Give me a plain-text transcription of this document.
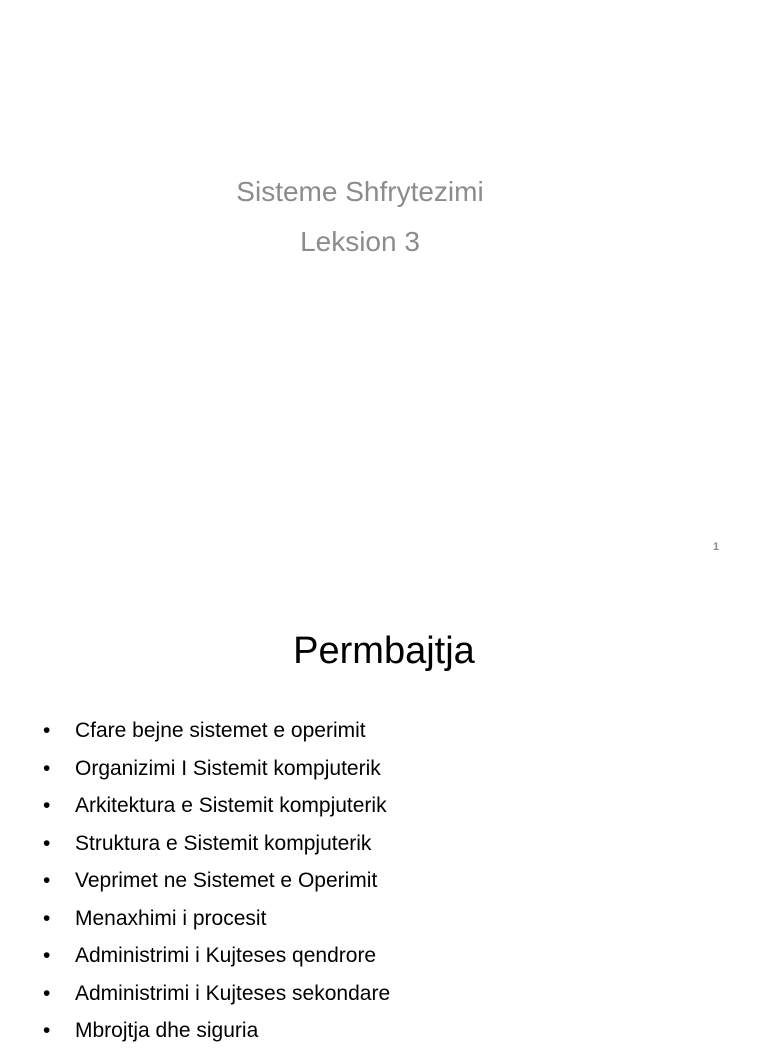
Sisteme Shfrytezimi
Leksion 3
1
Permbajtja
•	Cfare bejne sistemet e operimit
•	Organizimi I Sistemit kompjuterik
•	Arkitektura e Sistemit kompjuterik
•	Struktura e Sistemit kompjuterik
•	Veprimet ne Sistemet e Operimit
•	Menaxhimi i procesit
•	Administrimi i Kujteses qendrore
•	Administrimi i Kujteses sekondare
•	Mbrojtja dhe siguria
